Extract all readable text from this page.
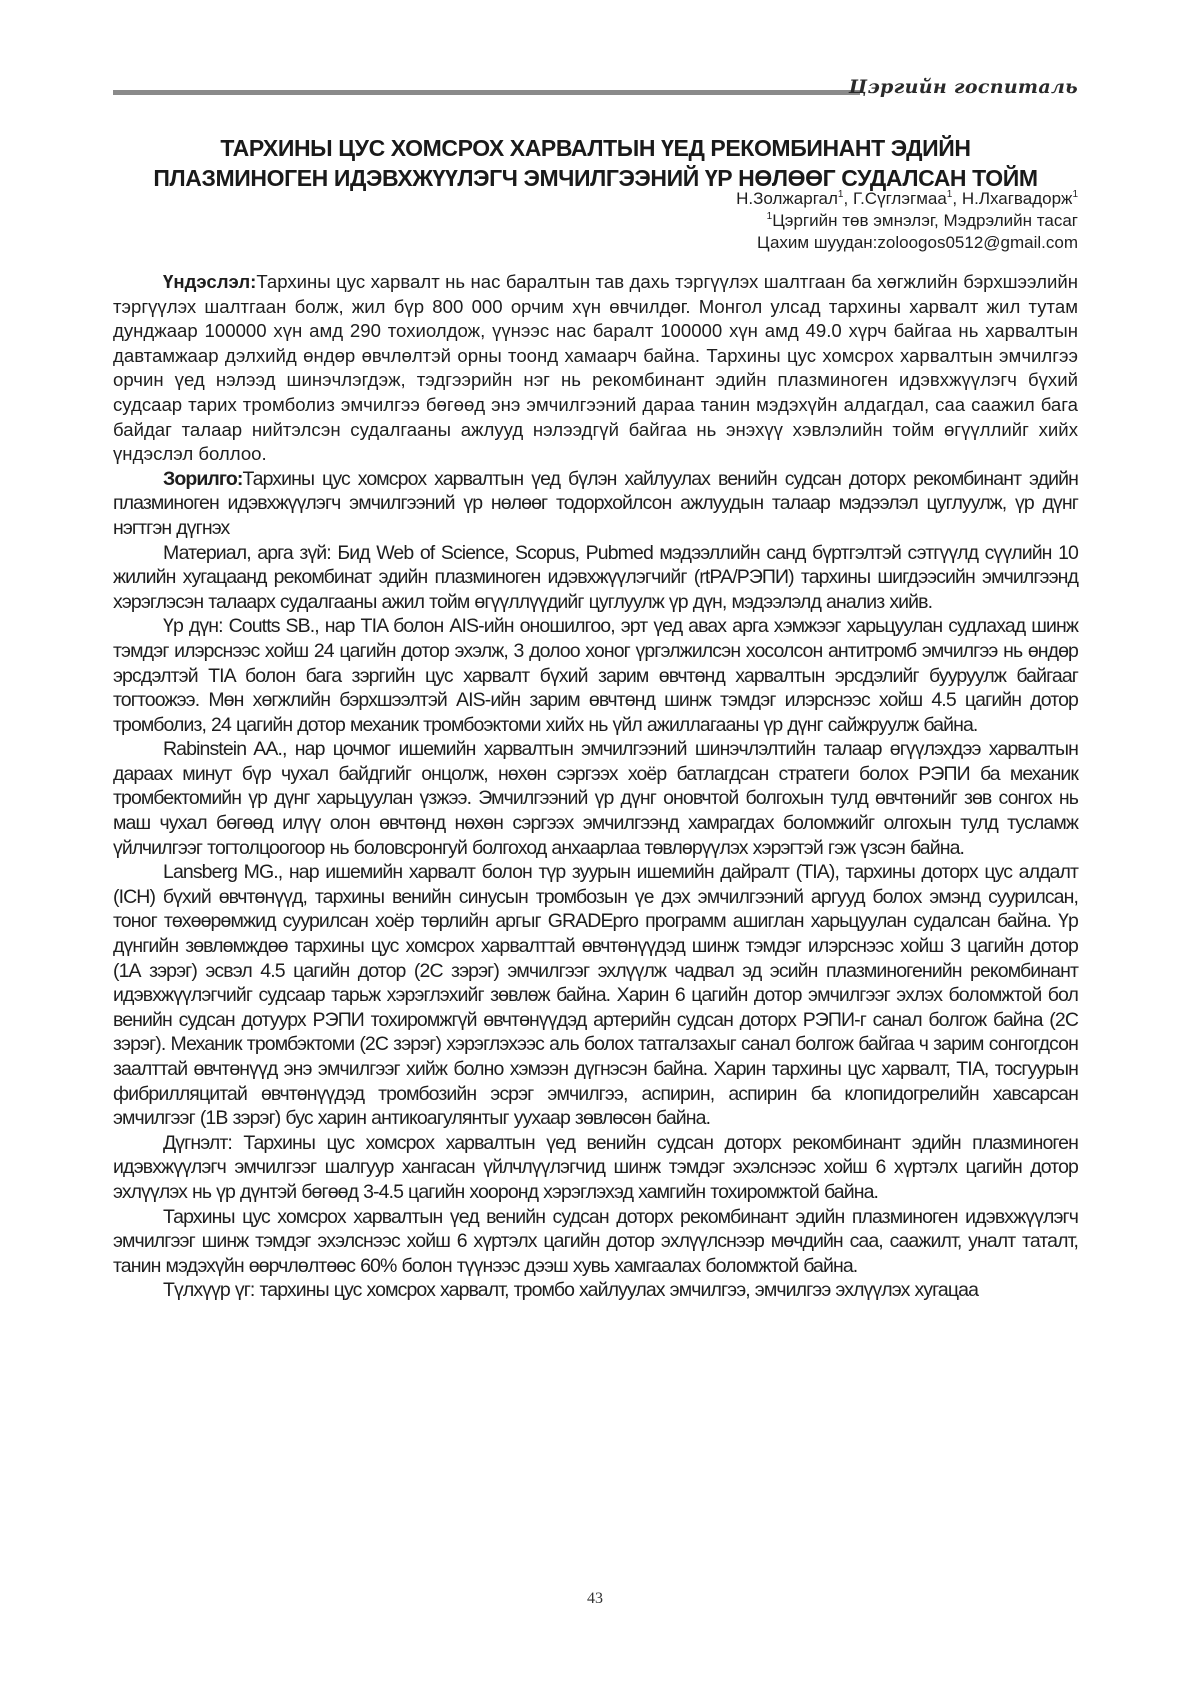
Цэргийн госпиталь
ТАРХИНЫ ЦУС ХОМСРОХ ХАРВАЛТЫН ҮЕД РЕКОМБИНАНТ ЭДИЙН
ПЛАЗМИНОГЕН ИДЭВХЖҮҮЛЭГЧ ЭМЧИЛГЭЭНИЙ ҮР НӨЛӨӨГ СУДАЛСАН ТОЙМ
Н.Золжаргал$^1$, Г.Сүглэгмаа$^1$, Н.Лхагвадорж$^1$
$^1$Цэргийн төв эмнэлэг, Мэдрэлийн тасаг
Цахим шуудан:zoloogos0512@gmail.com

Үндэслэл:Тархины цус харвалт нь нас баралтын тав дахь тэргүүлэх шалтгаан ба хөгжлийн бэрхшээлийн тэргүүлэх шалтгаан болж, жил бүр 800 000 орчим хүн өвчилдөг. Монгол улсад тархины харвалт жил тутам дунджаар 100000 хүн амд 290 тохиолдож, үүнээс нас баралт 100000 хүн амд 49.0 хүрч байгаа нь харвалтын давтамжаар дэлхийд өндөр өвчлөлтэй орны тоонд хамаарч байна. Тархины цус хомсрох харвалтын эмчилгээ орчин үед нэлээд шинэчлэгдэж, тэдгээрийн нэг нь рекомбинант эдийн плазминоген идэвхжүүлэгч бүхий судсаар тарих тромболиз эмчилгээ бөгөөд энэ эмчилгээний дараа танин мэдэхүйн алдагдал, саа саажил бага байдаг талаар нийтэлсэн судалгааны ажлууд нэлээдгүй байгаа нь энэхүү хэвлэлийн тойм өгүүллийг хийх үндэслэл боллоо.

Зорилго:Тархины цус хомсрох харвалтын үед бүлэн хайлуулах венийн судсан доторх рекомбинант эдийн плазминоген идэвхжүүлэгч эмчилгээний үр нөлөөг тодорхойлсон ажлуудын талаар мэдээлэл цуглуулж, үр дүнг нэгтгэн дүгнэх

Материал, арга зүй: Бид Web of Science, Scopus, Pubmed мэдээллийн санд бүртгэлтэй сэтгүүлд сүүлийн 10 жилийн хугацаанд рекомбинат эдийн плазминоген идэвхжүүлэгчийг (rtPA/РЭПИ) тархины шигдээсийн эмчилгээнд хэрэглэсэн талаарх судалгааны ажил тойм өгүүллүүдийг цуглуулж үр дүн, мэдээлэлд анализ хийв.

Үр дүн: Coutts SB., нар TIA болон AIS-ийн оношилгоо, эрт үед авах арга хэмжээг харьцуулан судлахад шинж тэмдэг илэрснээс хойш 24 цагийн дотор эхэлж, 3 долоо хоног үргэлжилсэн хосолсон антитромб эмчилгээ нь өндөр эрсдэлтэй TIA болон бага зэргийн цус харвалт бүхий зарим өвчтөнд харвалтын эрсдэлийг бууруулж байгааг тогтоожээ. Мөн хөгжлийн бэрхшээлтэй AIS-ийн зарим өвчтөнд шинж тэмдэг илэрснээс хойш 4.5 цагийн дотор тромболиз, 24 цагийн дотор механик тромбоэктоми хийх нь үйл ажиллагааны үр дүнг сайжруулж байна.

Rabinstein AA., нар цочмог ишемийн харвалтын эмчилгээний шинэчлэлтийн талаар өгүүлэхдээ харвалтын дараах минут бүр чухал байдгийг онцолж, нөхөн сэргээх хоёр батлагдсан стратеги болох РЭПИ ба механик тромбектомийн үр дүнг харьцуулан үзжээ. Эмчилгээний үр дүнг оновчтой болгохын тулд өвчтөнийг зөв сонгох нь маш чухал бөгөөд илүү олон өвчтөнд нөхөн сэргээх эмчилгээнд хамрагдах боломжийг олгохын тулд тусламж үйлчилгээг тогтолцоогоор нь боловсронгуй болгоход анхаарлаа төвлөрүүлэх хэрэгтэй гэж үзсэн байна.

Lansberg MG., нар ишемийн харвалт болон түр зуурын ишемийн дайралт (TIA), тархины доторх цус алдалт (ICH) бүхий өвчтөнүүд, тархины венийн синусын тромбозын үе дэх эмчилгээний аргууд болох эмэнд суурилсан, тоног төхөөрөмжид суурилсан хоёр төрлийн аргыг GRADEpro программ ашиглан харьцуулан судалсан байна. Үр дүнгийн зөвлөмждөө тархины цус хомсрох харвалттай өвчтөнүүдэд шинж тэмдэг илэрснээс хойш 3 цагийн дотор (1А зэрэг) эсвэл 4.5 цагийн дотор (2С зэрэг) эмчилгээг эхлүүлж чадвал эд эсийн плазминогенийн рекомбинант идэвхжүүлэгчийг судсаар тарьж хэрэглэхийг зөвлөж байна. Харин 6 цагийн дотор эмчилгээг эхлэх боломжтой бол венийн судсан дотуурх РЭПИ тохиромжгүй өвчтөнүүдэд артерийн судсан доторх РЭПИ-г санал болгож байна (2С зэрэг). Механик тромбэктоми (2С зэрэг) хэрэглэхээс аль болох татгалзахыг санал болгож байгаа ч зарим сонгогдсон заалттай өвчтөнүүд энэ эмчилгээг хийж болно хэмээн дүгнэсэн байна. Харин тархины цус харвалт, TIA, тосгуурын фибрилляцитай өвчтөнүүдэд тромбозийн эсрэг эмчилгээ, аспирин, аспирин ба клопидогрелийн хавсарсан эмчилгээг (1В зэрэг) бус харин антикоагулянтыг уухаар зөвлөсөн байна.

Дүгнэлт: Тархины цус хомсрох харвалтын үед венийн судсан доторх рекомбинант эдийн плазминоген идэвхжүүлэгч эмчилгээг шалгуур хангасан үйлчлүүлэгчид шинж тэмдэг эхэлснээс хойш 6 хүртэлх цагийн дотор эхлүүлэх нь үр дүнтэй бөгөөд 3-4.5 цагийн хооронд хэрэглэхэд хамгийн тохиромжтой байна.

Тархины цус хомсрох харвалтын үед венийн судсан доторх рекомбинант эдийн плазминоген идэвхжүүлэгч эмчилгээг шинж тэмдэг эхэлснээс хойш 6 хүртэлх цагийн дотор эхлүүлснээр мөчдийн саа, саажилт, уналт таталт, танин мэдэхүйн өөрчлөлтөөс 60% болон түүнээс дээш хувь хамгаалах боломжтой байна.

Түлхүүр үг: тархины цус хомсрох харвалт, тромбо хайлуулах эмчилгээ, эмчилгээ эхлүүлэх хугацаа

43
